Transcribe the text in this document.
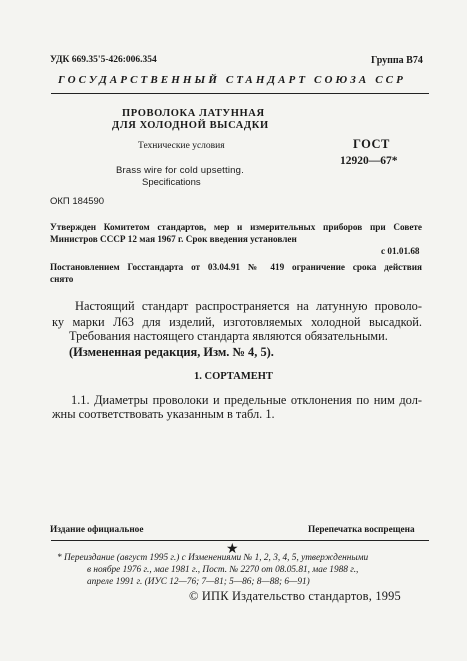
УДК 669.35'5-426:006.354	Группа В74
ГОСУДАРСТВЕННЫЙ СТАНДАРТ СОЮЗА ССР
ПРОВОЛОКА ЛАТУННАЯ
ДЛЯ ХОЛОДНОЙ ВЫСАДКИ
Технические условия
Brass wire for cold upsetting.
Specifications
ГОСТ
12920—67*
ОКП 184590
Утвержден Комитетом стандартов, мер и измерительных приборов при Совете
Министров СССР 12 мая 1967 г. Срок введения установлен
с 01.01.68
Постановлением Госстандарта от 03.04.91 № 419 ограничение срока действия
снято
Настоящий стандарт распространяется на латунную проволо-
ку марки Л63 для изделий, изготовляемых холодной высадкой.
Требования настоящего стандарта являются обязательными.
(Измененная редакция, Изм. № 4, 5).
1. СОРТАМЕНТ
1.1. Диаметры проволоки и предельные отклонения по ним дол-
жны соответствовать указанным в табл. 1.
Издание официальное	Перепечатка воспрещена
★
* Переиздание (август 1995 г.) с Изменениями № 1, 2, 3, 4, 5, утвержденными
в ноябре 1976 г., мае 1981 г., Пост. № 2270 от 08.05.81, мае 1988 г.,
апреле 1991 г. (ИУС 12—76; 7—81; 5—86; 8—88; 6—91)
© ИПК Издательство стандартов, 1995
